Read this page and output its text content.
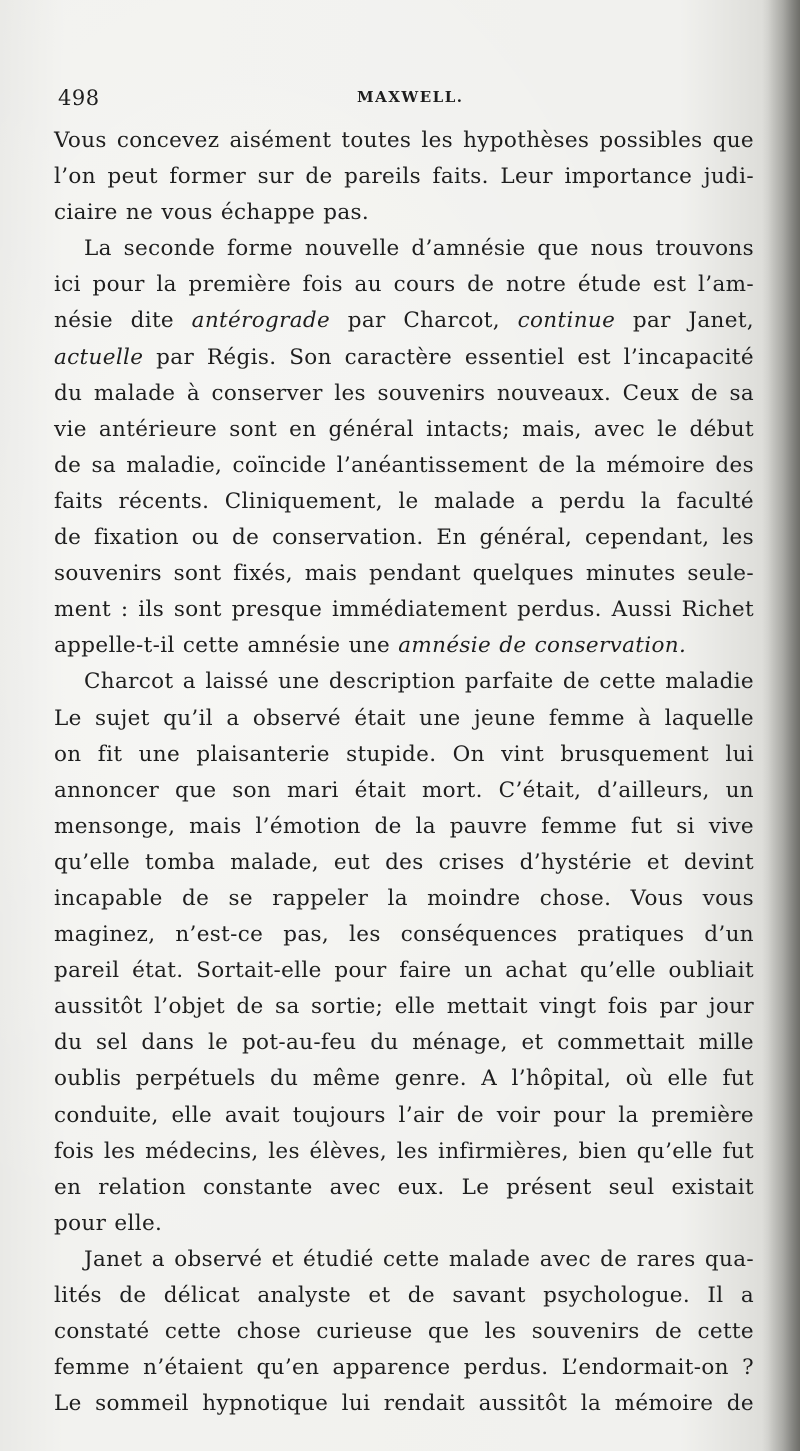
498	MAXWELL.
Vous concevez aisément toutes les hypothèses possibles que
l’on peut former sur de pareils faits. Leur importance judi-
ciaire ne vous échappe pas.
La seconde forme nouvelle d’amnésie que nous trouvons
ici pour la première fois au cours de notre étude est l’am-
nésie dite antérograde par Charcot, continue par Janet,
actuelle par Régis. Son caractère essentiel est l’incapacité
du malade à conserver les souvenirs nouveaux. Ceux de sa
vie antérieure sont en général intacts; mais, avec le début
de sa maladie, coïncide l’anéantissement de la mémoire des
faits récents. Cliniquement, le malade a perdu la faculté
de fixation ou de conservation. En général, cependant, les
souvenirs sont fixés, mais pendant quelques minutes seule-
ment : ils sont presque immédiatement perdus. Aussi Richet
appelle-t-il cette amnésie une amnésie de conservation.
Charcot a laissé une description parfaite de cette maladie
Le sujet qu’il a observé était une jeune femme à laquelle
on fit une plaisanterie stupide. On vint brusquement lui
annoncer que son mari était mort. C’était, d’ailleurs, un
mensonge, mais l’émotion de la pauvre femme fut si vive
qu’elle tomba malade, eut des crises d’hystérie et devint
incapable de se rappeler la moindre chose. Vous vous
maginez, n’est-ce pas, les conséquences pratiques d’un
pareil état. Sortait-elle pour faire un achat qu’elle oubliait
aussitôt l’objet de sa sortie; elle mettait vingt fois par jour
du sel dans le pot-au-feu du ménage, et commettait mille
oublis perpétuels du même genre. A l’hôpital, où elle fut
conduite, elle avait toujours l’air de voir pour la première
fois les médecins, les élèves, les infirmières, bien qu’elle fut
en relation constante avec eux. Le présent seul existait
pour elle.
Janet a observé et étudié cette malade avec de rares qua-
lités de délicat analyste et de savant psychologue. Il a
constaté cette chose curieuse que les souvenirs de cette
femme n’étaient qu’en apparence perdus. L’endormait-on ?
Le sommeil hypnotique lui rendait aussitôt la mémoire de
